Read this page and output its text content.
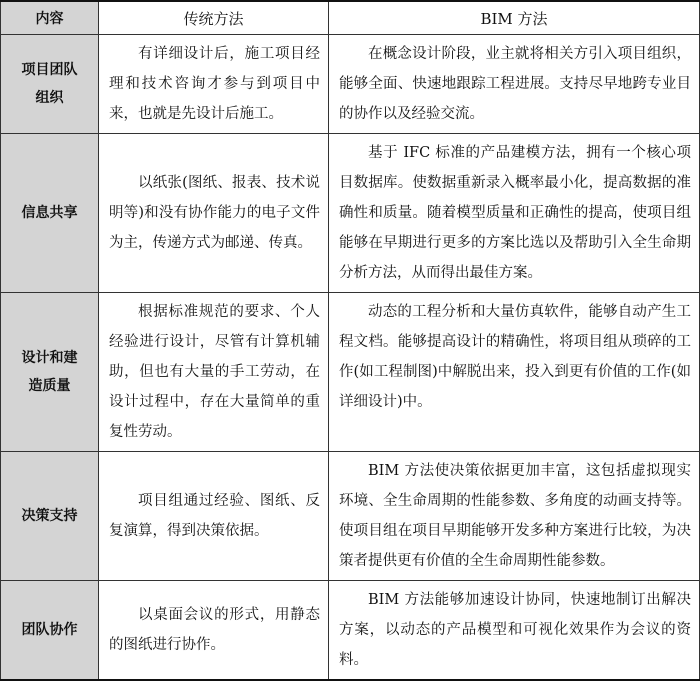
内容	传统方法	BIM 方法
项目团队组织	有详细设计后，施工项目经理和技术咨询才参与到项目中来，也就是先设计后施工。	在概念设计阶段，业主就将相关方引入项目组织，能够全面、快速地跟踪工程进展。支持尽早地跨专业目的协作以及经验交流。

信息共享	以纸张(图纸、报表、技术说明等)和没有协作能力的电子文件为主，传递方式为邮递、传真。	基于 IFC 标准的产品建模方法，拥有一个核心项目数据库。使数据重新录入概率最小化，提高数据的准确性和质量。随着模型质量和正确性的提高，使项目组能够在早期进行更多的方案比选以及帮助引入全生命期分析方法，从而得出最佳方案。

设计和建造质量	根据标准规范的要求、个人经验进行设计，尽管有计算机辅助，但也有大量的手工劳动，在设计过程中，存在大量简单的重复性劳动。	动态的工程分析和大量仿真软件，能够自动产生工程文档。能够提高设计的精确性，将项目组从琐碎的工作(如工程制图)中解脱出来，投入到更有价值的工作(如详细设计)中。

决策支持	项目组通过经验、图纸、反复演算，得到决策依据。	BIM 方法使决策依据更加丰富，这包括虚拟现实环境、全生命周期的性能参数、多角度的动画支持等。使项目组在项目早期能够开发多种方案进行比较，为决策者提供更有价值的全生命周期性能参数。

团队协作	以桌面会议的形式，用静态的图纸进行协作。	BIM 方法能够加速设计协同，快速地制订出解决方案，以动态的产品模型和可视化效果作为会议的资料。
